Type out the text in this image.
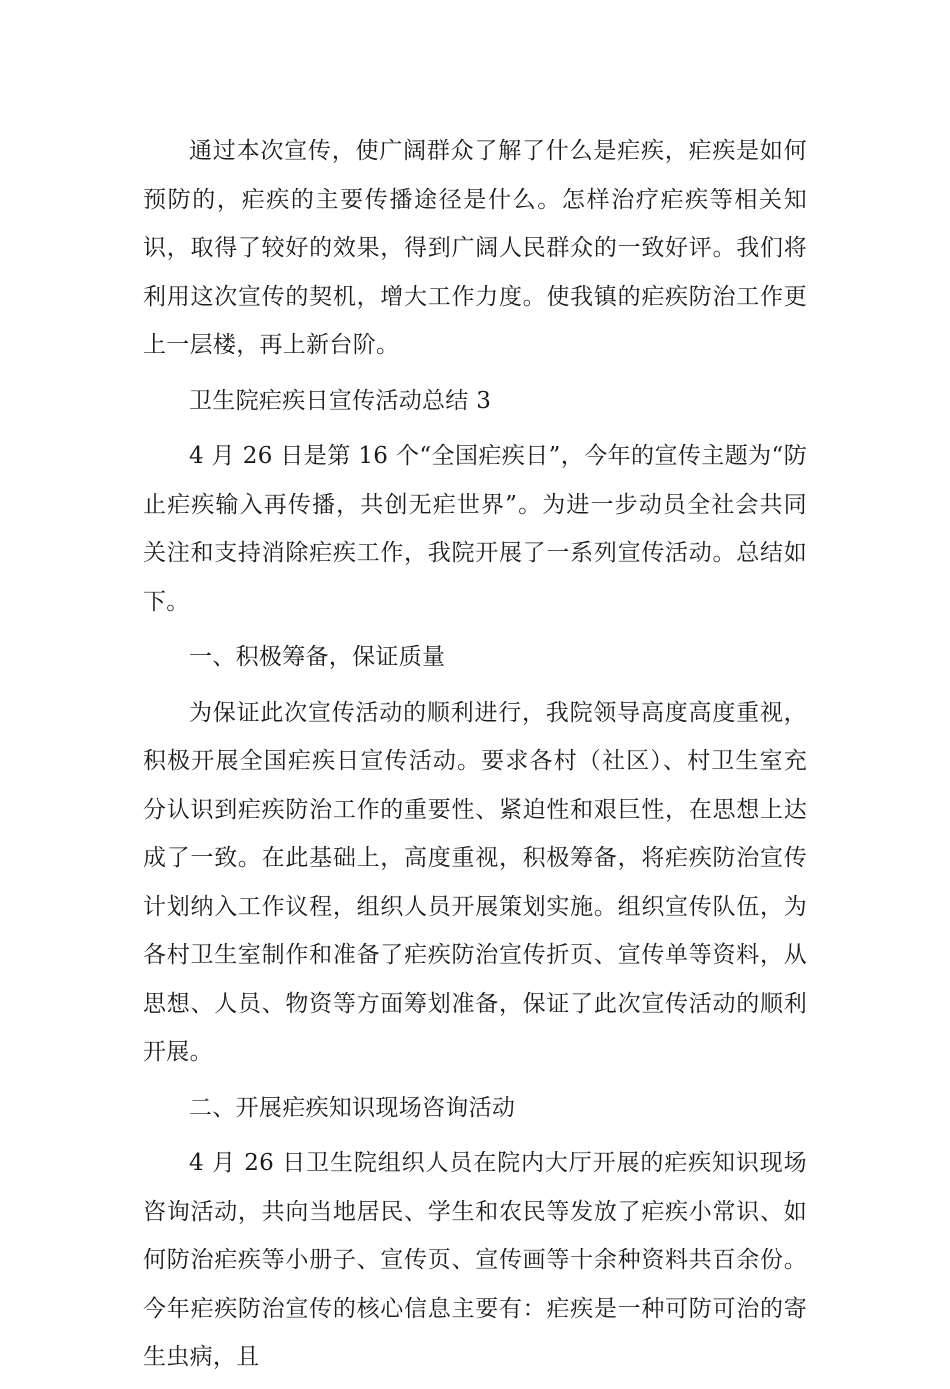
通过本次宣传，使广阔群众了解了什么是疟疾，疟疾是如何预防的，疟疾的主要传播途径是什么。怎样治疗疟疾等相关知识，取得了较好的效果，得到广阔人民群众的一致好评。我们将利用这次宣传的契机，增大工作力度。使我镇的疟疾防治工作更上一层楼，再上新台阶。

卫生院疟疾日宣传活动总结 3

4 月 26 日是第 16 个“全国疟疾日”，今年的宣传主题为“防止疟疾输入再传播，共创无疟世界”。为进一步动员全社会共同关注和支持消除疟疾工作，我院开展了一系列宣传活动。总结如下。

一、积极筹备，保证质量

为保证此次宣传活动的顺利进行，我院领导高度高度重视，积极开展全国疟疾日宣传活动。要求各村（社区）、村卫生室充分认识到疟疾防治工作的重要性、紧迫性和艰巨性，在思想上达成了一致。在此基础上，高度重视，积极筹备，将疟疾防治宣传计划纳入工作议程，组织人员开展策划实施。组织宣传队伍，为各村卫生室制作和准备了疟疾防治宣传折页、宣传单等资料，从思想、人员、物资等方面筹划准备，保证了此次宣传活动的顺利开展。

二、开展疟疾知识现场咨询活动

4 月 26 日卫生院组织人员在院内大厅开展的疟疾知识现场咨询活动，共向当地居民、学生和农民等发放了疟疾小常识、如何防治疟疾等小册子、宣传页、宣传画等十余种资料共百余份。今年疟疾防治宣传的核心信息主要有：疟疾是一种可防可治的寄生虫病，且
